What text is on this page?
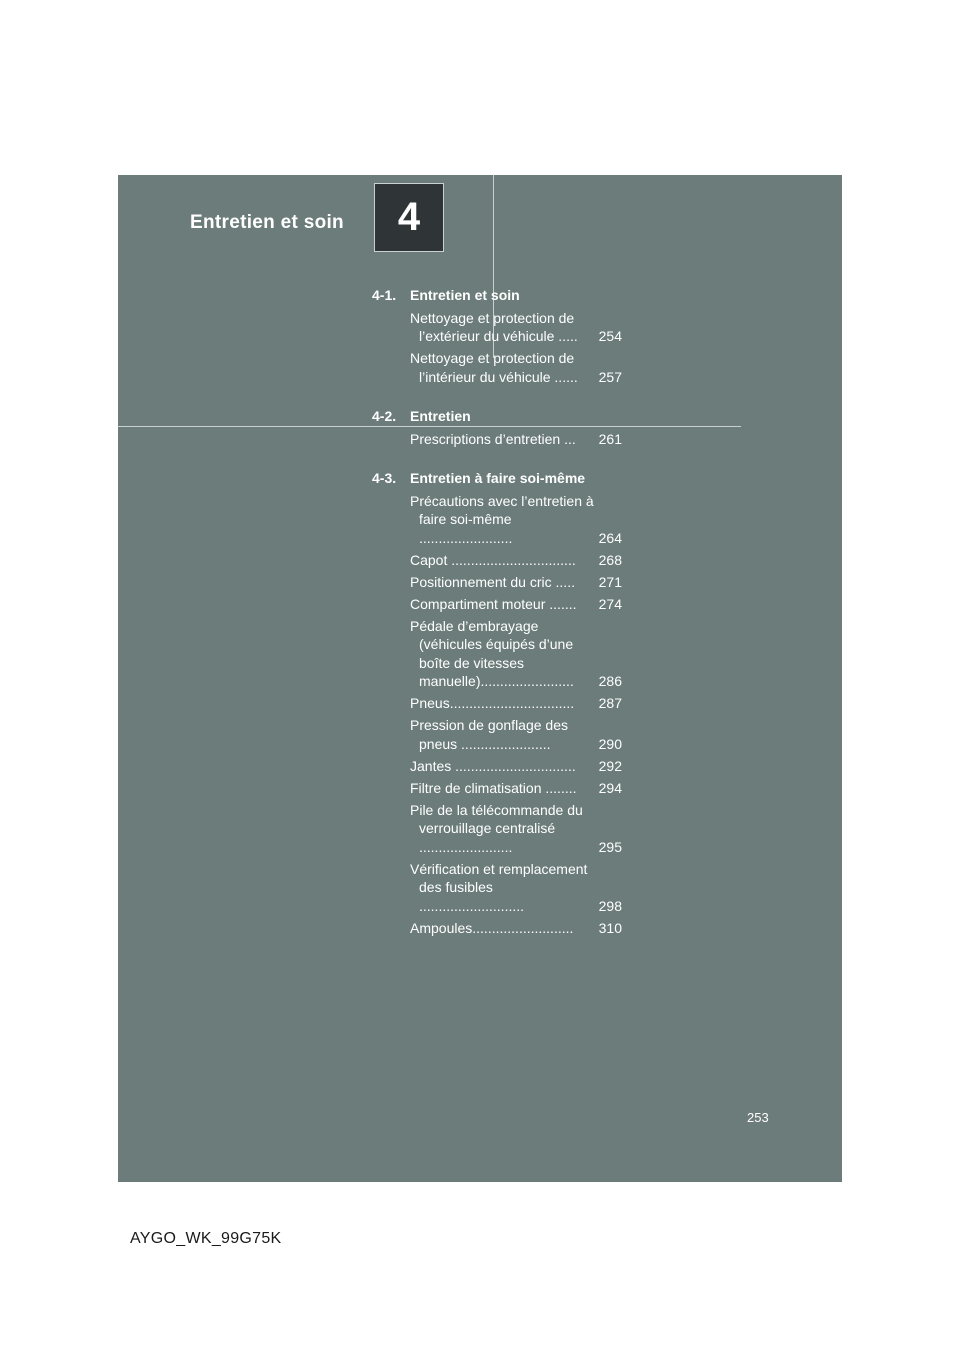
Entretien et soin 4
4-1. Entretien et soin
Nettoyage et protection de l’extérieur du véhicule .....	254
Nettoyage et protection de l’intérieur du véhicule ......	257
4-2. Entretien
Prescriptions d’entretien ...	261
4-3. Entretien à faire soi-même
Précautions avec l’entretien à faire soi-même ........................	264
Capot ................................	268
Positionnement du cric .....	271
Compartiment moteur .......	274
Pédale d’embrayage (véhicules équipés d’une boîte de vitesses manuelle)........................	286
Pneus................................	287
Pression de gonflage des pneus .......................	290
Jantes ...............................	292
Filtre de climatisation ........	294
Pile de la télécommande du verrouillage centralisé ........................	295
Vérification et remplacement des fusibles ...........................	298
Ampoules..........................	310
253
AYGO_WK_99G75K
